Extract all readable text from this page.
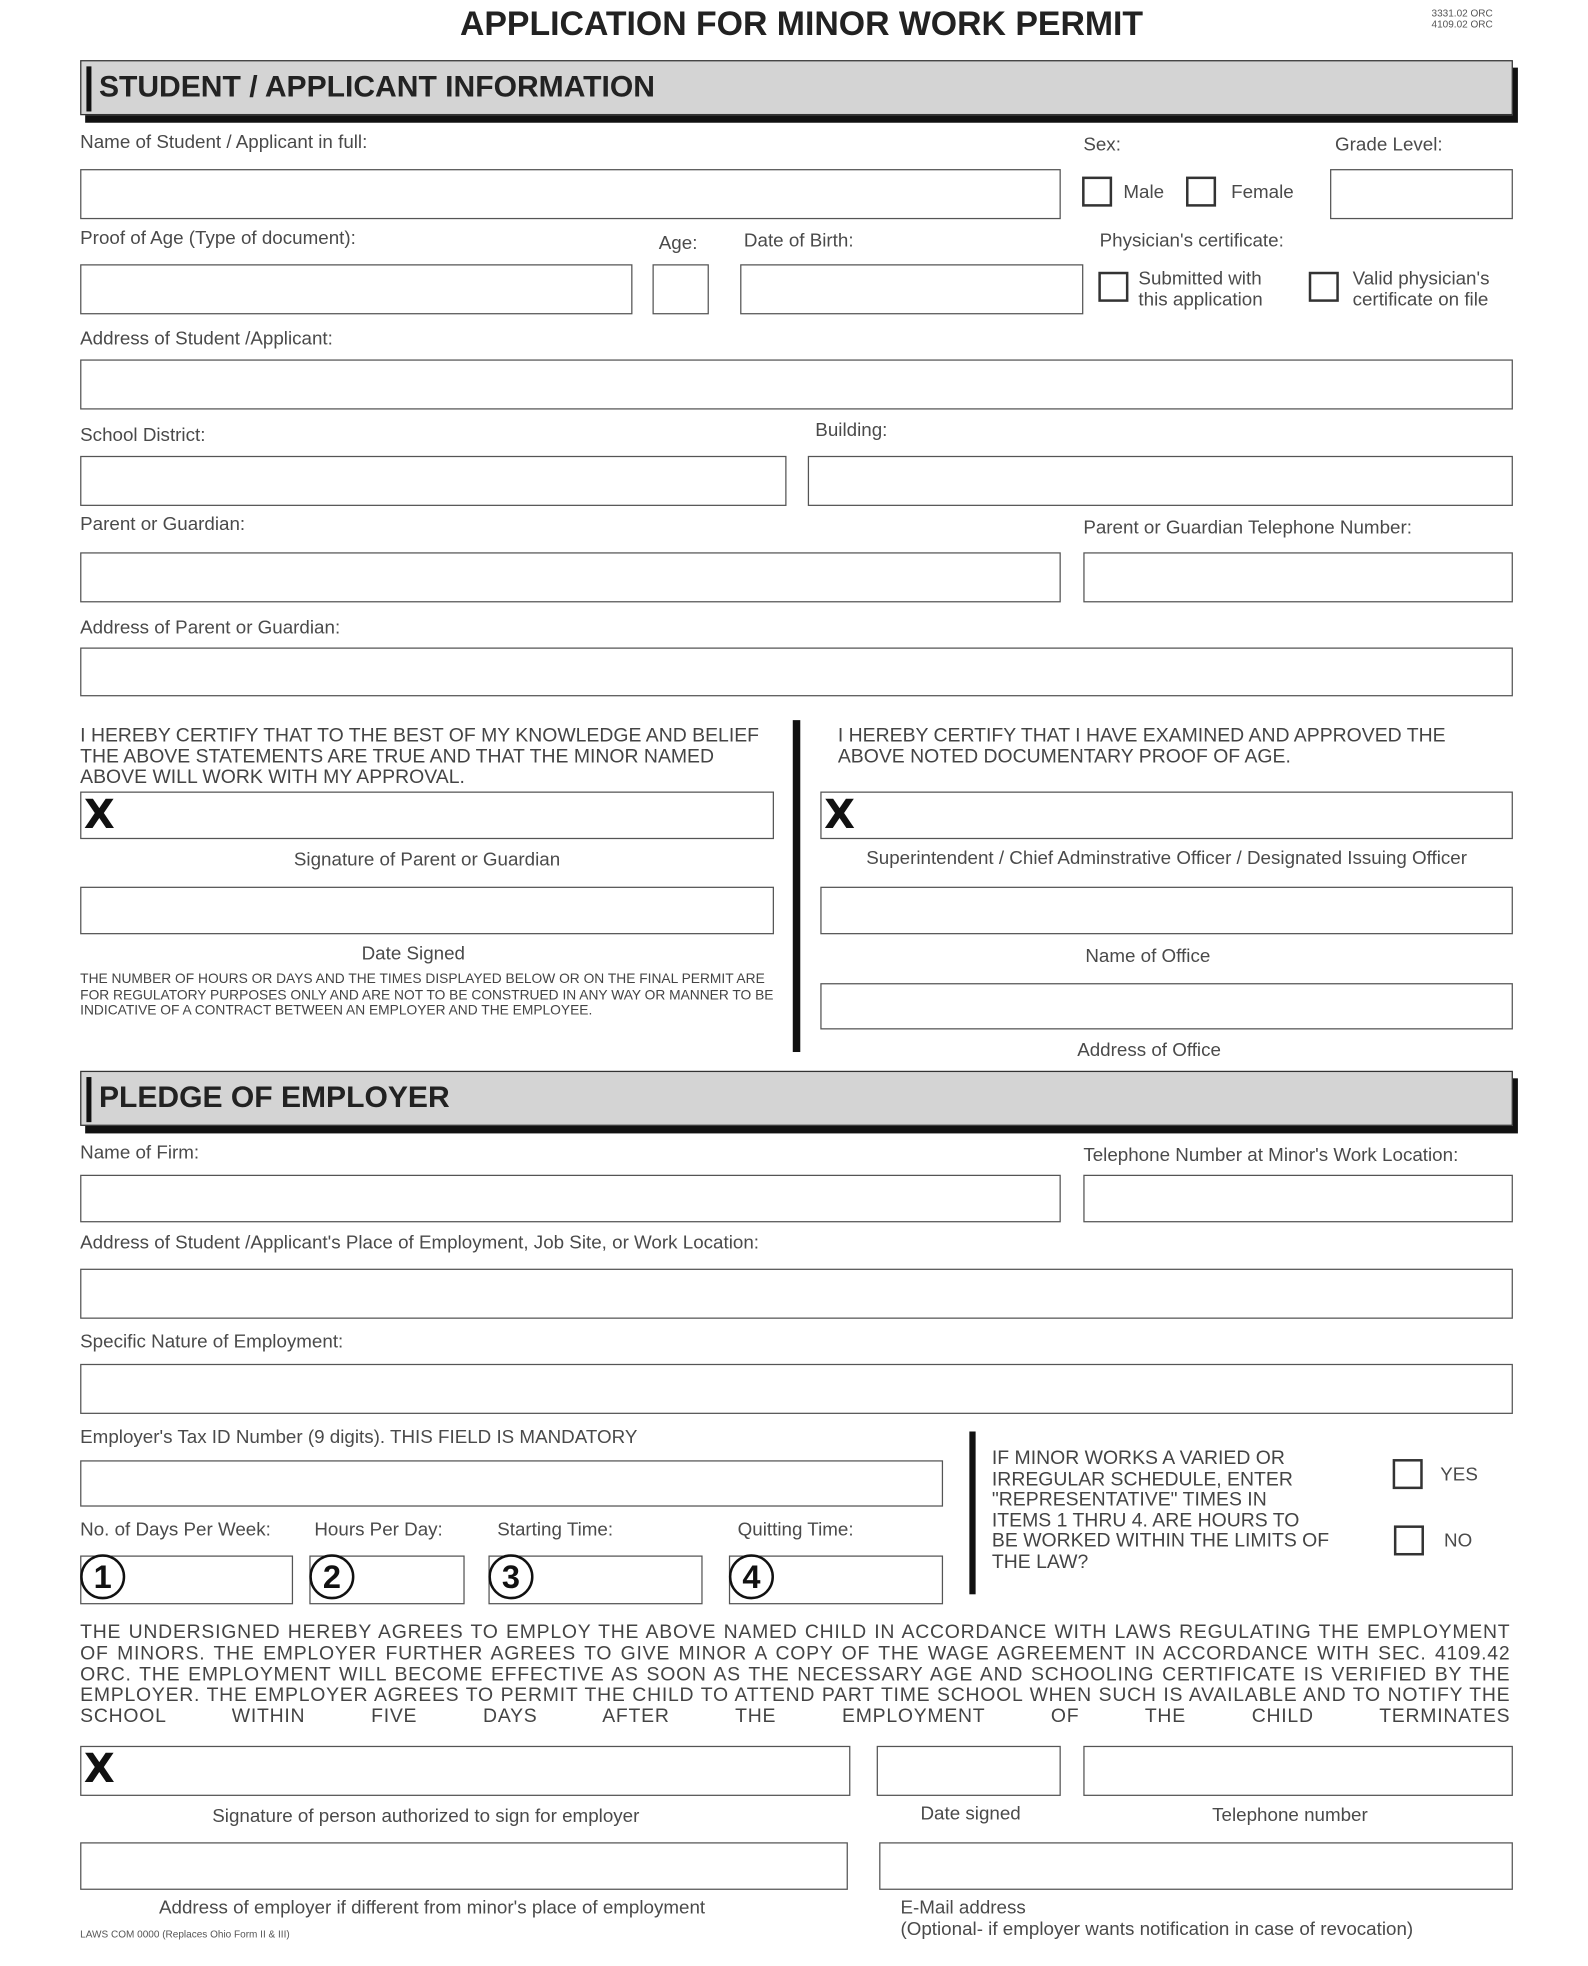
APPLICATION FOR MINOR WORK PERMIT	3331.02 ORC
4109.02 ORC
STUDENT / APPLICANT INFORMATION
Name of Student / Applicant in full:	Sex:
Male	Female
Grade Level:
Proof of Age (Type of document):	Age:	Date of Birth:	Physician's certificate:
Submitted with
this application
Valid physician's
certificate on file
Address of Student /Applicant:
School District:	Building:
Parent or Guardian:	Parent or Guardian Telephone Number:
Address of Parent or Guardian:
I HEREBY CERTIFY THAT TO THE BEST OF MY KNOWLEDGE AND BELIEF THE ABOVE STATEMENTS ARE TRUE AND THAT THE MINOR NAMED ABOVE WILL WORK WITH MY APPROVAL.
I HEREBY CERTIFY THAT I HAVE EXAMINED AND APPROVED THE ABOVE NOTED DOCUMENTARY PROOF OF AGE.
X
Signature of Parent or Guardian
Date Signed
THE NUMBER OF HOURS OR DAYS AND THE TIMES DISPLAYED BELOW OR ON THE FINAL PERMIT ARE FOR REGULATORY PURPOSES ONLY AND ARE NOT TO BE CONSTRUED IN ANY WAY OR MANNER TO BE INDICATIVE OF A CONTRACT BETWEEN AN EMPLOYER AND THE EMPLOYEE.
X
Superintendent / Chief Adminstrative Officer / Designated Issuing Officer
Name of Office
Address of Office
PLEDGE OF EMPLOYER
Name of Firm:	Telephone Number at Minor's Work Location:
Address of Student /Applicant's Place of Employment, Job Site, or Work Location:
Specific Nature of Employment:
Employer's Tax ID Number (9 digits). THIS FIELD IS MANDATORY
IF MINOR WORKS A VARIED OR IRREGULAR SCHEDULE, ENTER "REPRESENTATIVE" TIMES IN ITEMS 1 THRU 4. ARE HOURS TO BE WORKED WITHIN THE LIMITS OF THE LAW?
YES
NO
No. of Days Per Week:	Hours Per Day:	Starting Time:	Quitting Time:
1	2	3	4
THE UNDERSIGNED HEREBY AGREES TO EMPLOY THE ABOVE NAMED CHILD IN ACCORDANCE WITH LAWS REGULATING THE EMPLOYMENT OF MINORS. THE EMPLOYER FURTHER AGREES TO GIVE MINOR A COPY OF THE WAGE AGREEMENT IN ACCORDANCE WITH SEC. 4109.42 ORC. THE EMPLOYMENT WILL BECOME EFFECTIVE AS SOON AS THE NECESSARY AGE AND SCHOOLING CERTIFICATE IS VERIFIED BY THE EMPLOYER. THE EMPLOYER AGREES TO PERMIT THE CHILD TO ATTEND PART TIME SCHOOL WHEN SUCH IS AVAILABLE AND TO NOTIFY THE SCHOOL WITHIN FIVE DAYS AFTER THE EMPLOYMENT OF THE CHILD TERMINATES
X
Signature of person authorized to sign for employer	Date signed	Telephone number
Address of employer if different from minor's place of employment	E-Mail address
(Optional- if employer wants notification in case of revocation)
LAWS COM 0000 (Replaces Ohio Form II & III)
